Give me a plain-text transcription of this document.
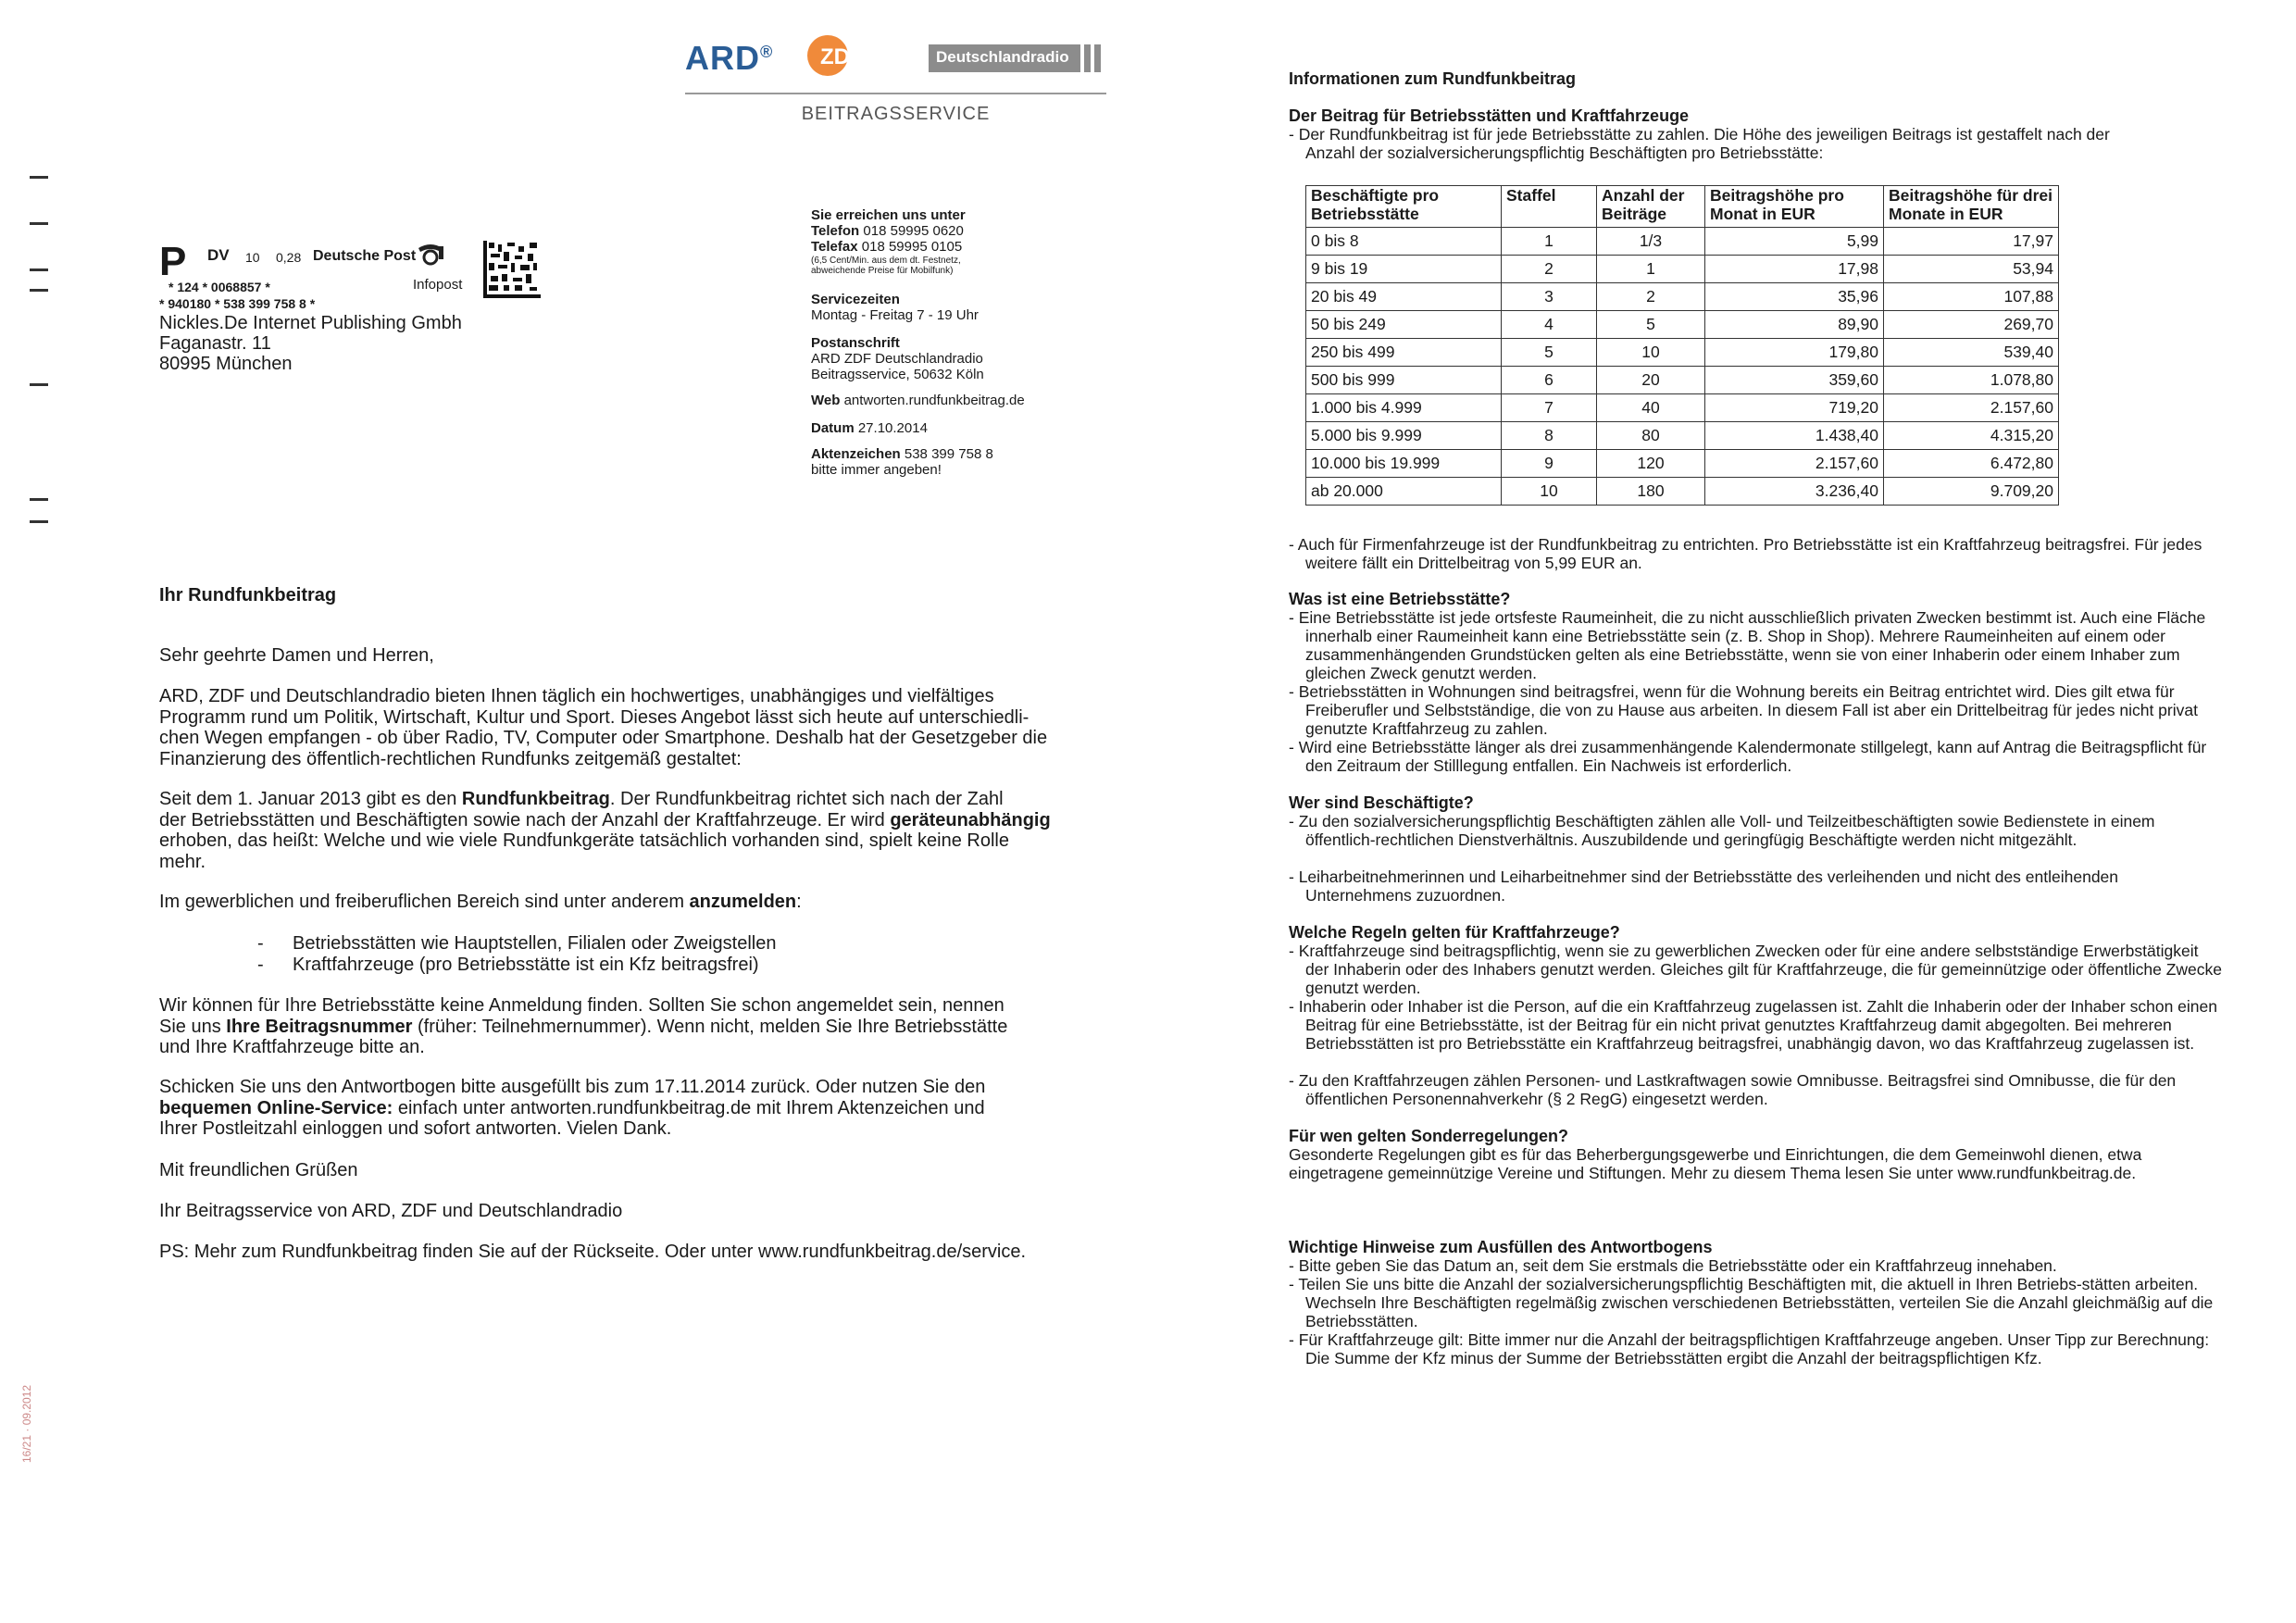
ARD® ZDF	Deutschlandradio
BEITRAGSSERVICE
P DV 10 0,28 Deutsche Post
Infopost
* 124 * 0068857 *
* 940180 * 538 399 758 8 *
Nickles.De Internet Publishing Gmbh
Faganastr. 11
80995 München
Sie erreichen uns unter
Telefon 018 59995 0620
Telefax 018 59995 0105
(6,5 Cent/Min. aus dem dt. Festnetz,
abweichende Preise für Mobilfunk)
Servicezeiten
Montag - Freitag 7 - 19 Uhr
Postanschrift
ARD ZDF Deutschlandradio
Beitragsservice, 50632 Köln
Web antworten.rundfunkbeitrag.de
Datum 27.10.2014
Aktenzeichen 538 399 758 8
bitte immer angeben!
Ihr Rundfunkbeitrag
Sehr geehrte Damen und Herren,
ARD, ZDF und Deutschlandradio bieten Ihnen täglich ein hochwertiges, unabhängiges und vielfältiges
Programm rund um Politik, Wirtschaft, Kultur und Sport. Dieses Angebot lässt sich heute auf unterschiedli-
chen Wegen empfangen - ob über Radio, TV, Computer oder Smartphone. Deshalb hat der Gesetzgeber die
Finanzierung des öffentlich-rechtlichen Rundfunks zeitgemäß gestaltet:
Seit dem 1. Januar 2013 gibt es den Rundfunkbeitrag. Der Rundfunkbeitrag richtet sich nach der Zahl
der Betriebsstätten und Beschäftigten sowie nach der Anzahl der Kraftfahrzeuge. Er wird geräteunabhängig
erhoben, das heißt: Welche und wie viele Rundfunkgeräte tatsächlich vorhanden sind, spielt keine Rolle
mehr.
Im gewerblichen und freiberuflichen Bereich sind unter anderem anzumelden:
- Betriebsstätten wie Hauptstellen, Filialen oder Zweigstellen
- Kraftfahrzeuge (pro Betriebsstätte ist ein Kfz beitragsfrei)
Wir können für Ihre Betriebsstätte keine Anmeldung finden. Sollten Sie schon angemeldet sein, nennen
Sie uns Ihre Beitragsnummer (früher: Teilnehmernummer). Wenn nicht, melden Sie Ihre Betriebsstätte
und Ihre Kraftfahrzeuge bitte an.
Schicken Sie uns den Antwortbogen bitte ausgefüllt bis zum 17.11.2014 zurück. Oder nutzen Sie den
bequemen Online-Service: einfach unter antworten.rundfunkbeitrag.de mit Ihrem Aktenzeichen und
Ihrer Postleitzahl einloggen und sofort antworten. Vielen Dank.
Mit freundlichen Grüßen
Ihr Beitragsservice von ARD, ZDF und Deutschlandradio
PS: Mehr zum Rundfunkbeitrag finden Sie auf der Rückseite. Oder unter www.rundfunkbeitrag.de/service.
16/21 · 09.2012
Informationen zum Rundfunkbeitrag
Der Beitrag für Betriebsstätten und Kraftfahrzeuge
- Der Rundfunkbeitrag ist für jede Betriebsstätte zu zahlen. Die Höhe des jeweiligen Beitrags ist gestaffelt nach der
Anzahl der sozialversicherungspflichtig Beschäftigten pro Betriebsstätte:
Beschäftigte pro Betriebsstätte	Staffel	Anzahl der Beiträge	Beitragshöhe pro Monat in EUR	Beitragshöhe für drei Monate in EUR
0 bis 8	1	1/3	5,99	17,97
9 bis 19	2	1	17,98	53,94
20 bis 49	3	2	35,96	107,88
50 bis 249	4	5	89,90	269,70
250 bis 499	5	10	179,80	539,40
500 bis 999	6	20	359,60	1.078,80
1.000 bis 4.999	7	40	719,20	2.157,60
5.000 bis 9.999	8	80	1.438,40	4.315,20
10.000 bis 19.999	9	120	2.157,60	6.472,80
ab 20.000	10	180	3.236,40	9.709,20
- Auch für Firmenfahrzeuge ist der Rundfunkbeitrag zu entrichten. Pro Betriebsstätte ist ein Kraftfahrzeug beitragsfrei. Für jedes weitere fällt ein Drittelbeitrag von 5,99 EUR an.
Was ist eine Betriebsstätte?
- Eine Betriebsstätte ist jede ortsfeste Raumeinheit, die zu nicht ausschließlich privaten Zwecken bestimmt ist. Auch eine Fläche innerhalb einer Raumeinheit kann eine Betriebsstätte sein (z. B. Shop in Shop). Mehrere Raumeinheiten auf einem oder zusammenhängenden Grundstücken gelten als eine Betriebsstätte, wenn sie von einer Inhaberin oder einem Inhaber zum gleichen Zweck genutzt werden.
- Betriebsstätten in Wohnungen sind beitragsfrei, wenn für die Wohnung bereits ein Beitrag entrichtet wird. Dies gilt etwa für Freiberufler und Selbstständige, die von zu Hause aus arbeiten. In diesem Fall ist aber ein Drittelbeitrag für jedes nicht privat genutzte Kraftfahrzeug zu zahlen.
- Wird eine Betriebsstätte länger als drei zusammenhängende Kalendermonate stillgelegt, kann auf Antrag die Beitragspflicht für den Zeitraum der Stilllegung entfallen. Ein Nachweis ist erforderlich.
Wer sind Beschäftigte?
- Zu den sozialversicherungspflichtig Beschäftigten zählen alle Voll- und Teilzeitbeschäftigten sowie Bedienstete in einem öffentlich-rechtlichen Dienstverhältnis. Auszubildende und geringfügig Beschäftigte werden nicht mitgezählt.
- Leiharbeitnehmerinnen und Leiharbeitnehmer sind der Betriebsstätte des verleihenden und nicht des entleihenden Unternehmens zuzuordnen.
Welche Regeln gelten für Kraftfahrzeuge?
- Kraftfahrzeuge sind beitragspflichtig, wenn sie zu gewerblichen Zwecken oder für eine andere selbstständige Erwerbstätigkeit der Inhaberin oder des Inhabers genutzt werden. Gleiches gilt für Kraftfahrzeuge, die für gemeinnützige oder öffentliche Zwecke genutzt werden.
- Inhaberin oder Inhaber ist die Person, auf die ein Kraftfahrzeug zugelassen ist. Zahlt die Inhaberin oder der Inhaber schon einen Beitrag für eine Betriebsstätte, ist der Beitrag für ein nicht privat genutztes Kraftfahrzeug damit abgegolten. Bei mehreren Betriebsstätten ist pro Betriebsstätte ein Kraftfahrzeug beitragsfrei, unabhängig davon, wo das Kraftfahrzeug zugelassen ist.
- Zu den Kraftfahrzeugen zählen Personen- und Lastkraftwagen sowie Omnibusse. Beitragsfrei sind Omnibusse, die für den öffentlichen Personennahverkehr (§ 2 RegG) eingesetzt werden.
Für wen gelten Sonderregelungen?
Gesonderte Regelungen gibt es für das Beherbergungsgewerbe und Einrichtungen, die dem Gemeinwohl dienen, etwa eingetragene gemeinnützige Vereine und Stiftungen. Mehr zu diesem Thema lesen Sie unter www.rundfunkbeitrag.de.
Wichtige Hinweise zum Ausfüllen des Antwortbogens
- Bitte geben Sie das Datum an, seit dem Sie erstmals die Betriebsstätte oder ein Kraftfahrzeug innehaben.
- Teilen Sie uns bitte die Anzahl der sozialversicherungspflichtig Beschäftigten mit, die aktuell in Ihren Betriebs-stätten arbeiten. Wechseln Ihre Beschäftigten regelmäßig zwischen verschiedenen Betriebsstätten, verteilen Sie die Anzahl gleichmäßig auf die Betriebsstätten.
- Für Kraftfahrzeuge gilt: Bitte immer nur die Anzahl der beitragspflichtigen Kraftfahrzeuge angeben. Unser Tipp zur Berechnung: Die Summe der Kfz minus der Summe der Betriebsstätten ergibt die Anzahl der beitragspflichtigen Kfz.
